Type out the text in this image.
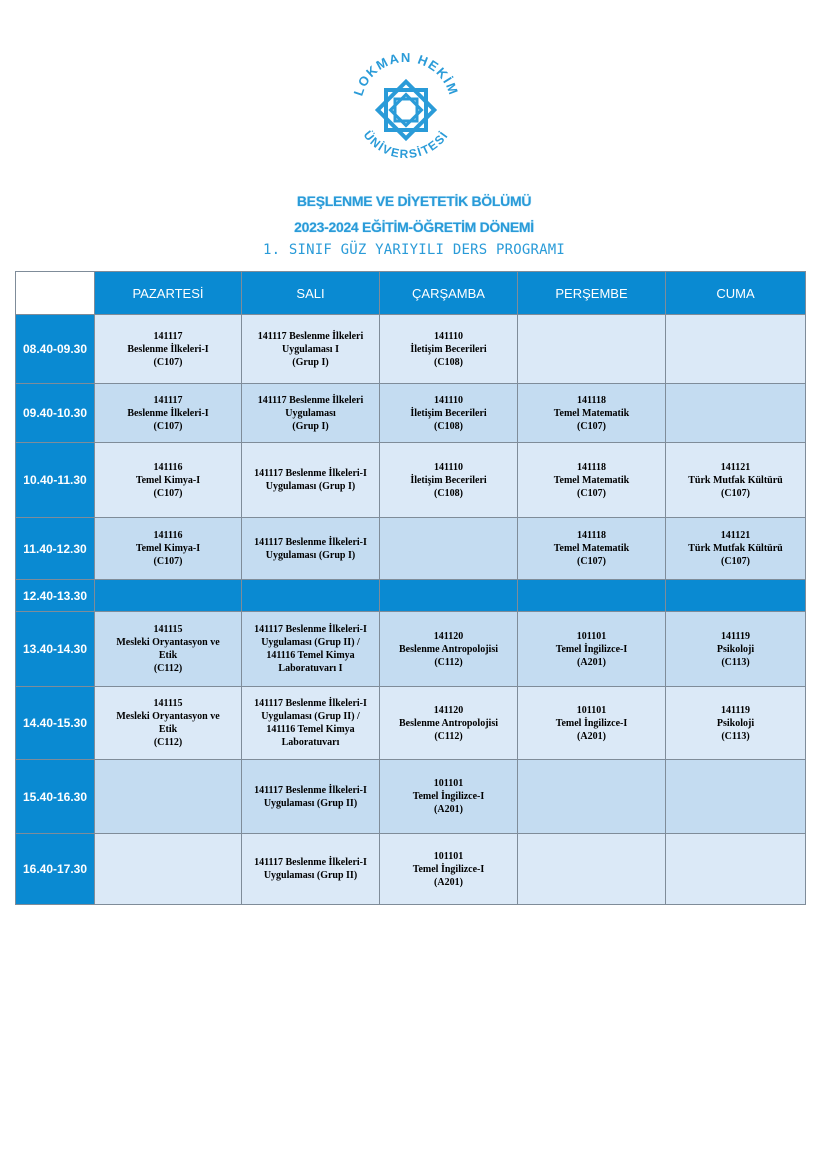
LOKMAN HEKİM
ÜNİVERSİTESİ
BEŞLENME VE DİYETETİK BÖLÜMÜ
2023-2024 EĞİTİM-ÖĞRETİM DÖNEMİ
1. SINIF GÜZ YARIYILI DERS PROGRAMI
	PAZARTESİ	SALI	ÇARŞAMBA	PERŞEMBE	CUMA
08.40-09.30	141117
Beslenme İlkeleri-I
(C107)	141117 Beslenme İlkeleri
Uygulaması I
(Grup I)	141110
İletişim Becerileri
(C108)		

09.40-10.30	141117
Beslenme İlkeleri-I
(C107)	141117 Beslenme İlkeleri
Uygulaması
(Grup I)	141110
İletişim Becerileri
(C108)	141118
Temel Matematik
(C107)	

10.40-11.30	141116
Temel Kimya-I
(C107)	141117 Beslenme İlkeleri-I
Uygulaması (Grup I)	141110
İletişim Becerileri
(C108)	141118
Temel Matematik
(C107)	141121
Türk Mutfak Kültürü
(C107)

11.40-12.30	141116
Temel Kimya-I
(C107)	141117 Beslenme İlkeleri-I
Uygulaması (Grup I)		141118
Temel Matematik
(C107)	141121
Türk Mutfak Kültürü
(C107)

12.40-13.30					
13.40-14.30	141115
Mesleki Oryantasyon ve
Etik
(C112)	141117 Beslenme İlkeleri-I
Uygulaması (Grup II) /
141116 Temel Kimya
Laboratuvarı I	141120
Beslenme Antropolojisi
(C112)	101101
Temel İngilizce-I
(A201)	141119
Psikoloji
(C113)

14.40-15.30	141115
Mesleki Oryantasyon ve
Etik
(C112)	141117 Beslenme İlkeleri-I
Uygulaması (Grup II) /
141116 Temel Kimya
Laboratuvarı	141120
Beslenme Antropolojisi
(C112)	101101
Temel İngilizce-I
(A201)	141119
Psikoloji
(C113)

15.40-16.30		141117 Beslenme İlkeleri-I
Uygulaması (Grup II)	101101
Temel İngilizce-I
(A201)		

16.40-17.30		141117 Beslenme İlkeleri-I
Uygulaması (Grup II)	101101
Temel İngilizce-I
(A201)		
